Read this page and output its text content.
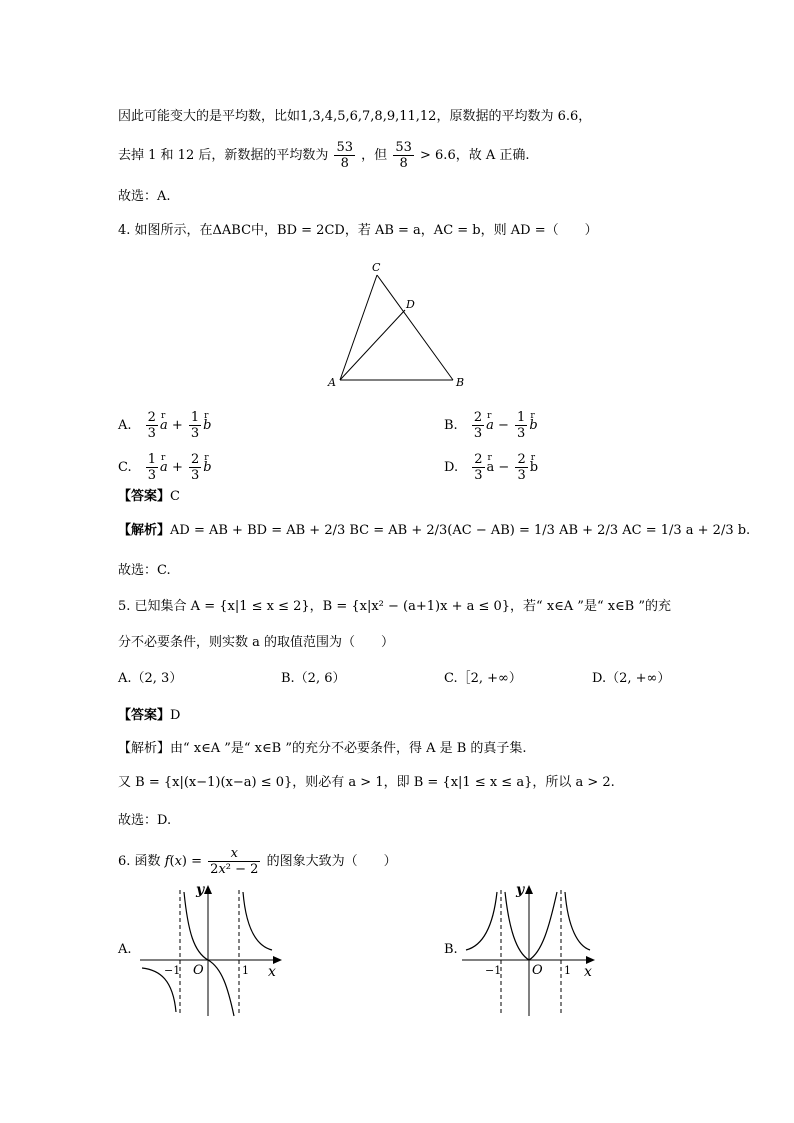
因此可能变大的是平均数，比如1,3,4,5,6,7,8,9,11,12，原数据的平均数为 6.6，
去掉 1 和 12 后，新数据的平均数为 $\frac{53}{8}$ ，但 $\frac{53}{8} > 6.6$，故 A 正确.
故选：A.
4. 如图所示，在ΔABC中，BD = 2CD，若 AB = a，AC = b，则 AD =（　　）
A	B
C
D
A. $\frac{2}{3}$ r $a + \frac{1}{3}$ r b	B. $\frac{2}{3}$ r $a - \frac{1}{3}$ r b
C. $\frac{1}{3}$ r $a + \frac{2}{3}$ r b	D. $\frac{2}{3}$ r $a - \frac{2}{3}$ r b
【答案】C
【解析】AD = AB + BD = AB + 2/3 BC = AB + 2/3(AC − AB) = 1/3 AB + 2/3 AC = 1/3 a + 2/3 b.
故选：C.
5. 已知集合 A = {x|1 ≤ x ≤ 2}，B = {x|x² − (a+1)x + a ≤ 0}，若“ x∈A ”是“ x∈B ”的充
分不必要条件，则实数 a 的取值范围为（　　）
A.（2, 3）	B.（2, 6）	C.［2, +∞）	D.（2, +∞）
【答案】D
【解析】由“ x∈A ”是“ x∈B ”的充分不必要条件，得 A 是 B 的真子集.
又 B = {x|(x−1)(x−a) ≤ 0}，则必有 a > 1，即 B = {x|1 ≤ x ≤ a}，所以 a > 2.
故选：D.
6. 函数 $f(x) = \frac{x}{\text{2x² − 2}}$ 的图象大致为（　　）
A.
y
x
O
−1	1
B.
y
x
O
−1	1
